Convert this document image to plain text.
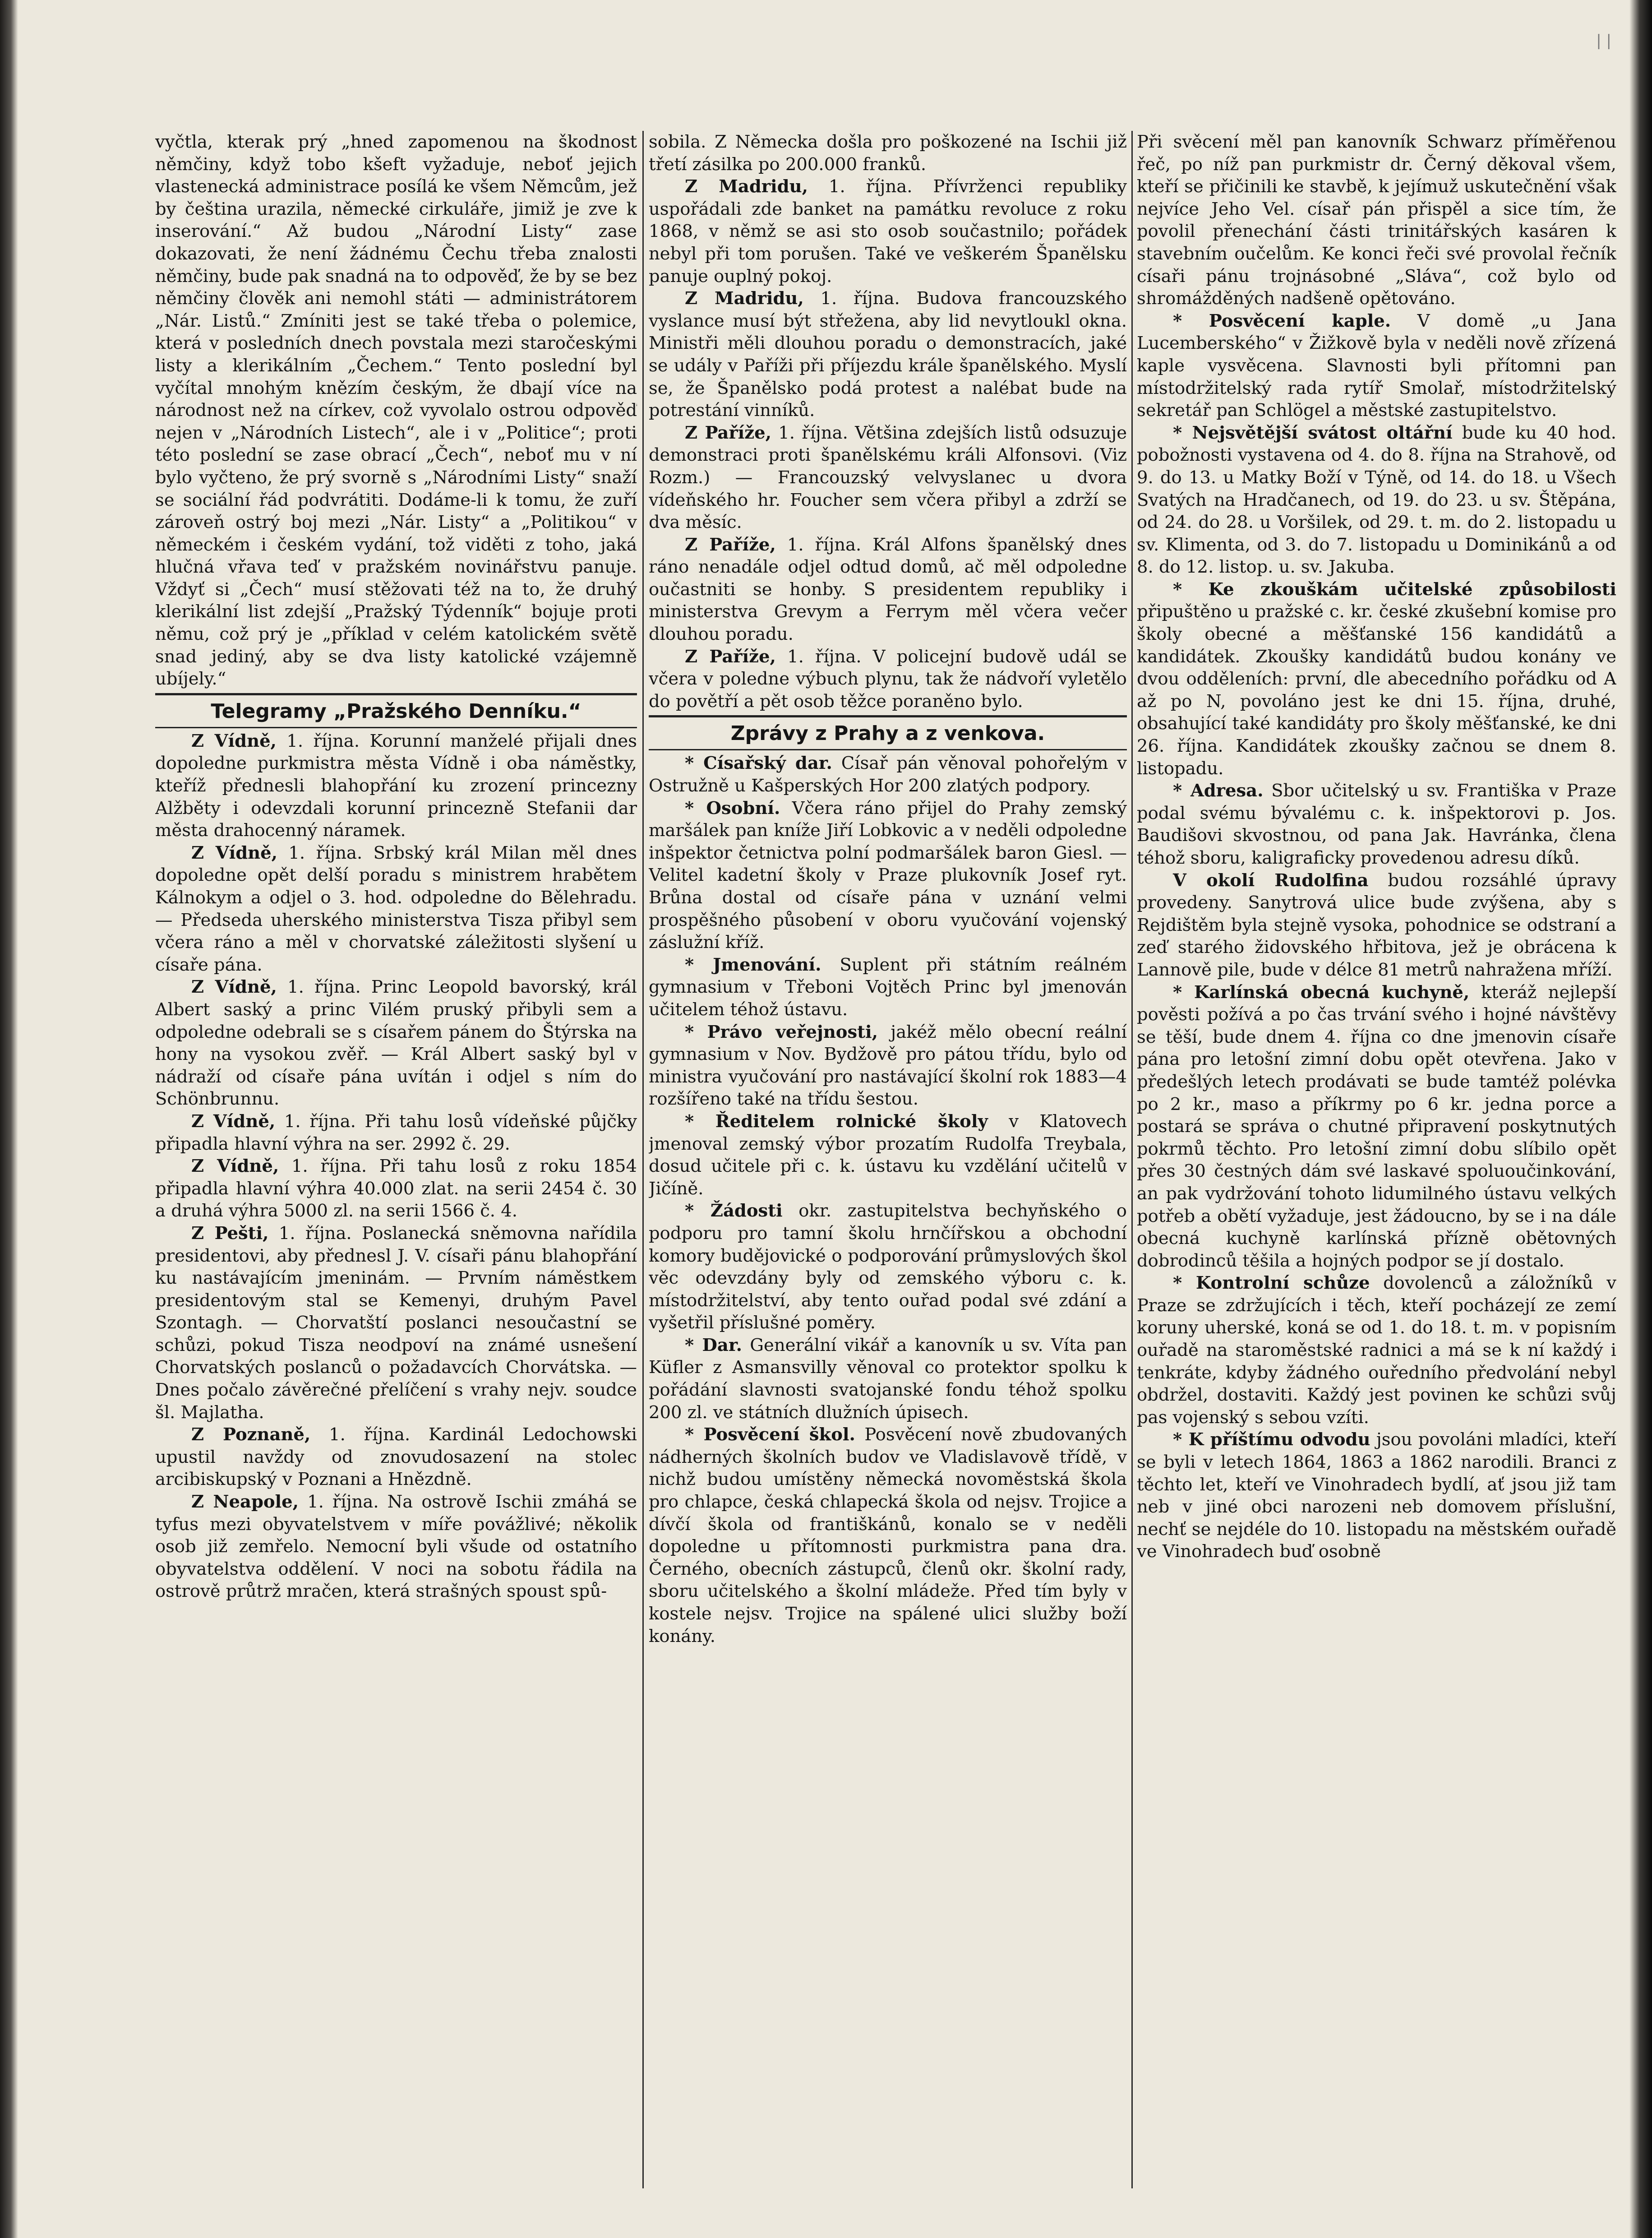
| |

vyčtla, kterak prý „hned zapomenou na škodnost němčiny, když tobo kšeft vyžaduje, neboť jejich vlastenecká administrace posílá ke všem Němcům, jež by čeština urazila, německé cirkuláře, jimiž je zve k inserování.“ Až budou „Národní Listy“ zase dokazovati, že není žádnému Čechu třeba znalosti němčiny, bude pak snadná na to odpověď, že by se bez němčiny člověk ani nemohl státi — administrátorem „Nár. Listů.“ Zmíniti jest se také třeba o polemice, která v posledních dnech povstala mezi staročeskými listy a klerikálním „Čechem.“ Tento poslední byl vyčítal mnohým knězím českým, že dbají více na národnost než na církev, což vyvolalo ostrou odpověď nejen v „Národních Listech“, ale i v „Politice“; proti této poslední se zase obrací „Čech“, neboť mu v ní bylo vyčteno, že prý svorně s „Národními Listy“ snaží se sociální řád podvrátiti. Dodáme-li k tomu, že zuří zároveň ostrý boj mezi „Nár. Listy“ a „Politikou“ v německém i českém vydání, tož viděti z toho, jaká hlučná vřava teď v pražském novinářstvu panuje. Vždyť si „Čech“ musí stěžovati též na to, že druhý klerikální list zdejší „Pražský Týdenník“ bojuje proti němu, což prý je „příklad v celém katolickém světě snad jediný, aby se dva listy katolické vzájemně ubíjely.“

Telegramy „Pražského Denníku.“

Z Vídně, 1. října. Korunní manželé přijali dnes dopoledne purkmistra města Vídně i oba náměstky, kteříž přednesli blahopřání ku zrození princezny Alžběty i odevzdali korunní princezně Stefanii dar města drahocenný náramek.

Z Vídně, 1. října. Srbský král Milan měl dnes dopoledne opět delší poradu s ministrem hrabětem Kálnokym a odjel o 3. hod. odpoledne do Bělehradu. — Předseda uherského ministerstva Tisza přibyl sem včera ráno a měl v chorvatské záležitosti slyšení u císaře pána.

Z Vídně, 1. října. Princ Leopold bavorský, král Albert saský a princ Vilém pruský přibyli sem a odpoledne odebrali se s císařem pánem do Štýrska na hony na vysokou zvěř. — Král Albert saský byl v nádraží od císaře pána uvítán i odjel s ním do Schönbrunnu.

Z Vídně, 1. října. Při tahu losů vídeňské půjčky připadla hlavní výhra na ser. 2992 č. 29.

Z Vídně, 1. října. Při tahu losů z roku 1854 připadla hlavní výhra 40.000 zlat. na serii 2454 č. 30 a druhá výhra 5000 zl. na serii 1566 č. 4.

Z Pešti, 1. října. Poslanecká sněmovna nařídila presidentovi, aby přednesl J. V. císaři pánu blahopřání ku nastávajícím jmeninám. — Prvním náměstkem presidentovým stal se Kemenyi, druhým Pavel Szontagh. — Chorvatští poslanci nesoučastní se schůzi, pokud Tisza neodpoví na známé usnešení Chorvatských poslanců o požadavcích Chorvátska. — Dnes počalo závěrečné přelíčení s vrahy nejv. soudce šl. Majlatha.

Z Poznaně, 1. října. Kardinál Ledochowski upustil navždy od znovudosazení na stolec arcibiskupský v Poznani a Hnězdně.

Z Neapole, 1. října. Na ostrově Ischii zmáhá se tyfus mezi obyvatelstvem v míře povážlivé; několik osob již zemřelo. Nemocní byli všude od ostatního obyvatelstva oddělení. V noci na sobotu řádila na ostrově průtrž mračen, která strašných spoust spů-

sobila. Z Německa došla pro poškozené na Ischii již třetí zásilka po 200.000 franků.

Z Madridu, 1. října. Přívrženci republiky uspořádali zde banket na památku revoluce z roku 1868, v němž se asi sto osob součastnilo; pořádek nebyl při tom porušen. Také ve veškerém Španělsku panuje ouplný pokoj.

Z Madridu, 1. října. Budova francouzského vyslance musí být střežena, aby lid nevytloukl okna. Ministři měli dlouhou poradu o demonstracích, jaké se udály v Paříži při příjezdu krále španělského. Myslí se, že Španělsko podá protest a nalébat bude na potrestání vinníků.

Z Paříže, 1. října. Většina zdejších listů odsuzuje demonstraci proti španělskému králi Alfonsovi. (Viz Rozm.) — Francouzský velvyslanec u dvora vídeňského hr. Foucher sem včera přibyl a zdrží se dva měsíc.

Z Paříže, 1. října. Král Alfons španělský dnes ráno nenadále odjel odtud domů, ač měl odpoledne oučastniti se honby. S presidentem republiky i ministerstva Grevym a Ferrym měl včera večer dlouhou poradu.

Z Paříže, 1. října. V policejní budově udál se včera v poledne výbuch plynu, tak že nádvoří vyletělo do povětří a pět osob těžce poraněno bylo.

Zprávy z Prahy a z venkova.

* Císařský dar. Císař pán věnoval pohořelým v Ostružně u Kašperských Hor 200 zlatých podpory.

* Osobní. Včera ráno přijel do Prahy zemský maršálek pan kníže Jiří Lobkovic a v neděli odpoledne inšpektor četnictva polní podmaršálek baron Giesl. — Velitel kadetní školy v Praze plukovník Josef ryt. Brůna dostal od císaře pána v uznání velmi prospěšného působení v oboru vyučování vojenský záslužní kříž.

* Jmenování. Suplent při státním reálném gymnasium v Třeboni Vojtěch Princ byl jmenován učitelem téhož ústavu.

* Právo veřejnosti, jakéž mělo obecní reální gymnasium v Nov. Bydžově pro pátou třídu, bylo od ministra vyučování pro nastávající školní rok 1883—4 rozšířeno také na třídu šestou.

* Ředitelem rolnické školy v Klatovech jmenoval zemský výbor prozatím Rudolfa Treybala, dosud učitele při c. k. ústavu ku vzdělání učitelů v Jičíně.

* Žádosti okr. zastupitelstva bechyňského o podporu pro tamní školu hrnčířskou a obchodní komory budějovické o podporování průmyslových škol věc odevzdány byly od zemského výboru c. k. místodržitelství, aby tento ouřad podal své zdání a vyšetřil příslušné poměry.

* Dar. Generální vikář a kanovník u sv. Víta pan Küfler z Asmansvilly věnoval co protektor spolku k pořádání slavnosti svatojanské fondu téhož spolku 200 zl. ve státních dlužních úpisech.

* Posvěcení škol. Posvěcení nově zbudovaných nádherných školních budov ve Vladislavově třídě, v nichž budou umístěny německá novoměstská škola pro chlapce, česká chlapecká škola od nejsv. Trojice a dívčí škola od františkánů, konalo se v neděli dopoledne u přítomnosti purkmistra pana dra. Černého, obecních zástupců, členů okr. školní rady, sboru učitelského a školní mládeže. Před tím byly v kostele nejsv. Trojice na spálené ulici služby boží konány.

Při svěcení měl pan kanovník Schwarz příměřenou řeč, po níž pan purkmistr dr. Černý děkoval všem, kteří se přičinili ke stavbě, k jejímuž uskutečnění však nejvíce Jeho Vel. císař pán přispěl a sice tím, že povolil přenechání části trinitářských kasáren k stavebním oučelům. Ke konci řeči své provolal řečník císaři pánu trojnásobné „Sláva“, což bylo od shromážděných nadšeně opětováno.

* Posvěcení kaple. V domě „u Jana Lucemberského“ v Žižkově byla v neděli nově zřízená kaple vysvěcena. Slavnosti byli přítomni pan místodržitelský rada rytíř Smolař, místodržitelský sekretář pan Schlögel a městské zastupitelstvo.

* Nejsvětější svátost oltářní bude ku 40 hod. pobožnosti vystavena od 4. do 8. října na Strahově, od 9. do 13. u Matky Boží v Týně, od 14. do 18. u Všech Svatých na Hradčanech, od 19. do 23. u sv. Štěpána, od 24. do 28. u Voršilek, od 29. t. m. do 2. listopadu u sv. Klimenta, od 3. do 7. listopadu u Dominikánů a od 8. do 12. listop. u. sv. Jakuba.

* Ke zkouškám učitelské způsobilosti připuštěno u pražské c. kr. české zkušební komise pro školy obecné a měšťanské 156 kandidátů a kandidátek. Zkoušky kandidátů budou konány ve dvou odděleních: první, dle abecedního pořádku od A až po N, povoláno jest ke dni 15. října, druhé, obsahující také kandidáty pro školy měšťanské, ke dni 26. října. Kandidátek zkoušky začnou se dnem 8. listopadu.

* Adresa. Sbor učitelský u sv. Františka v Praze podal svému bývalému c. k. inšpektorovi p. Jos. Baudišovi skvostnou, od pana Jak. Havránka, člena téhož sboru, kaligraficky provedenou adresu díků.

V okolí Rudolfina budou rozsáhlé úpravy provedeny. Sanytrová ulice bude zvýšena, aby s Rejdištěm byla stejně vysoka, pohodnice se odstraní a zeď starého židovského hřbitova, jež je obrácena k Lannově pile, bude v délce 81 metrů nahražena mříží.

* Karlínská obecná kuchyně, kteráž nejlepší pověsti požívá a po čas trvání svého i hojné návštěvy se těší, bude dnem 4. října co dne jmenovin císaře pána pro letošní zimní dobu opět otevřena. Jako v předešlých letech prodávati se bude tamtéž polévka po 2 kr., maso a příkrmy po 6 kr. jedna porce a postará se správa o chutné připravení poskytnutých pokrmů těchto. Pro letošní zimní dobu slíbilo opět přes 30 čestných dám své laskavé spoluoučinkování, an pak vydržování tohoto lidumilného ústavu velkých potřeb a obětí vyžaduje, jest žádoucno, by se i na dále obecná kuchyně karlínská přízně obětovných dobrodinců těšila a hojných podpor se jí dostalo.

* Kontrolní schůze dovolenců a záložníků v Praze se zdržujících i těch, kteří pocházejí ze zemí koruny uherské, koná se od 1. do 18. t. m. v popisním ouřadě na staroměstské radnici a má se k ní každý i tenkráte, kdyby žádného ouředního předvolání nebyl obdržel, dostaviti. Každý jest povinen ke schůzi svůj pas vojenský s sebou vzíti.

* K příštímu odvodu jsou povoláni mladíci, kteří se byli v letech 1864, 1863 a 1862 narodili. Branci z těchto let, kteří ve Vinohradech bydlí, ať jsou již tam neb v jiné obci narozeni neb domovem příslušní, nechť se nejdéle do 10. listopadu na městském ouřadě ve Vinohradech buď osobně
